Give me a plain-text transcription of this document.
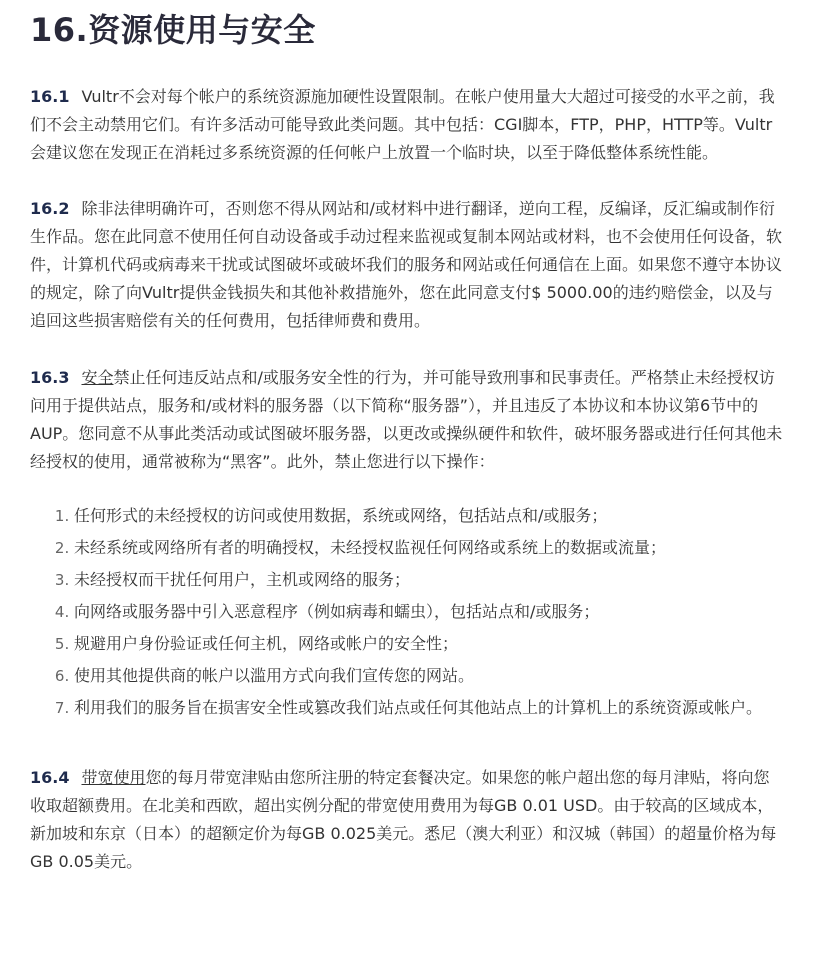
16.资源使用与安全

16.1 Vultr不会对每个帐户的系统资源施加硬性设置限制。在帐户使用量大大超过可接受的水平之前，我们不会主动禁用它们。有许多活动可能导致此类问题。其中包括：CGI脚本，FTP，PHP，HTTP等。Vultr会建议您在发现正在消耗过多系统资源的任何帐户上放置一个临时块，以至于降低整体系统性能。

16.2 除非法律明确许可，否则您不得从网站和/或材料中进行翻译，逆向工程，反编译，反汇编或制作衍生作品。您在此同意不使用任何自动设备或手动过程来监视或复制本网站或材料，也不会使用任何设备，软件，计算机代码或病毒来干扰或试图破坏或破坏我们的服务和网站或任何通信在上面。如果您不遵守本协议的规定，除了向Vultr提供金钱损失和其他补救措施外，您在此同意支付$ 5000.00的违约赔偿金，以及与追回这些损害赔偿有关的任何费用，包括律师费和费用。

16.3 安全禁止任何违反站点和/或服务安全性的行为，并可能导致刑事和民事责任。严格禁止未经授权访问用于提供站点，服务和/或材料的服务器（以下简称“服务器”），并且违反了本协议和本协议第6节中的AUP。您同意不从事此类活动或试图破坏服务器，以更改或操纵硬件和软件，破坏服务器或进行任何其他未经授权的使用，通常被称为“黑客”。此外，禁止您进行以下操作：

1. 任何形式的未经授权的访问或使用数据，系统或网络，包括站点和/或服务；
2. 未经系统或网络所有者的明确授权，未经授权监视任何网络或系统上的数据或流量；
3. 未经授权而干扰任何用户，主机或网络的服务；
4. 向网络或服务器中引入恶意程序（例如病毒和蠕虫），包括站点和/或服务；
5. 规避用户身份验证或任何主机，网络或帐户的安全性；
6. 使用其他提供商的帐户以滥用方式向我们宣传您的网站。
7. 利用我们的服务旨在损害安全性或篡改我们站点或任何其他站点上的计算机上的系统资源或帐户。

16.4 带宽使用您的每月带宽津贴由您所注册的特定套餐决定。如果您的帐户超出您的每月津贴，将向您收取超额费用。在北美和西欧，超出实例分配的带宽使用费用为每GB 0.01 USD。由于较高的区域成本，新加坡和东京（日本）的超额定价为每GB 0.025美元。悉尼（澳大利亚）和汉城（韩国）的超量价格为每GB 0.05美元。
